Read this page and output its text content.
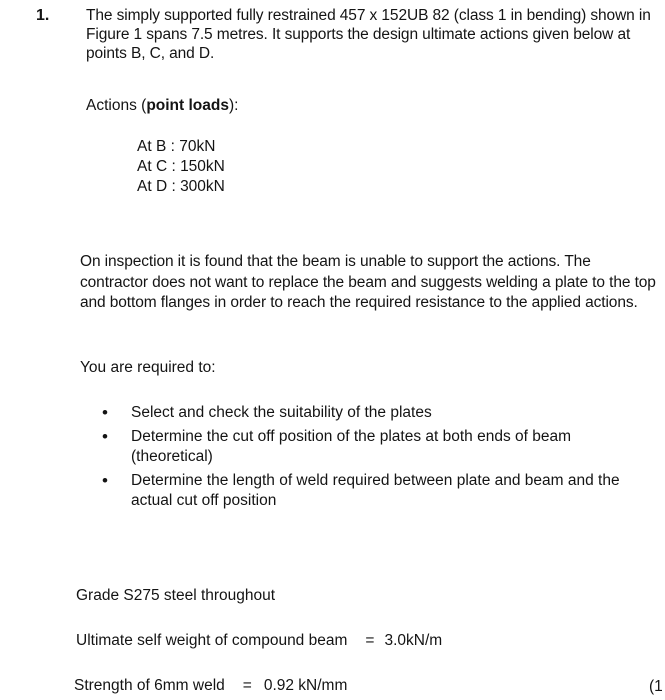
1. The simply supported fully restrained 457 x 152UB 82 (class 1 in bending) shown in Figure 1 spans 7.5 metres. It supports the design ultimate actions given below at points B, C, and D.

Actions (point loads):
At B : 70kN
At C : 150kN
At D : 300kN

On inspection it is found that the beam is unable to support the actions. The contractor does not want to replace the beam and suggests welding a plate to the top and bottom flanges in order to reach the required resistance to the applied actions.

You are required to:
• Select and check the suitability of the plates
• Determine the cut off position of the plates at both ends of beam (theoretical)
• Determine the length of weld required between plate and beam and the actual cut off position
Grade S275 steel throughout
Ultimate self weight of compound beam = 3.0kN/m
Strength of 6mm weld = 0.92 kN/mm	(1
